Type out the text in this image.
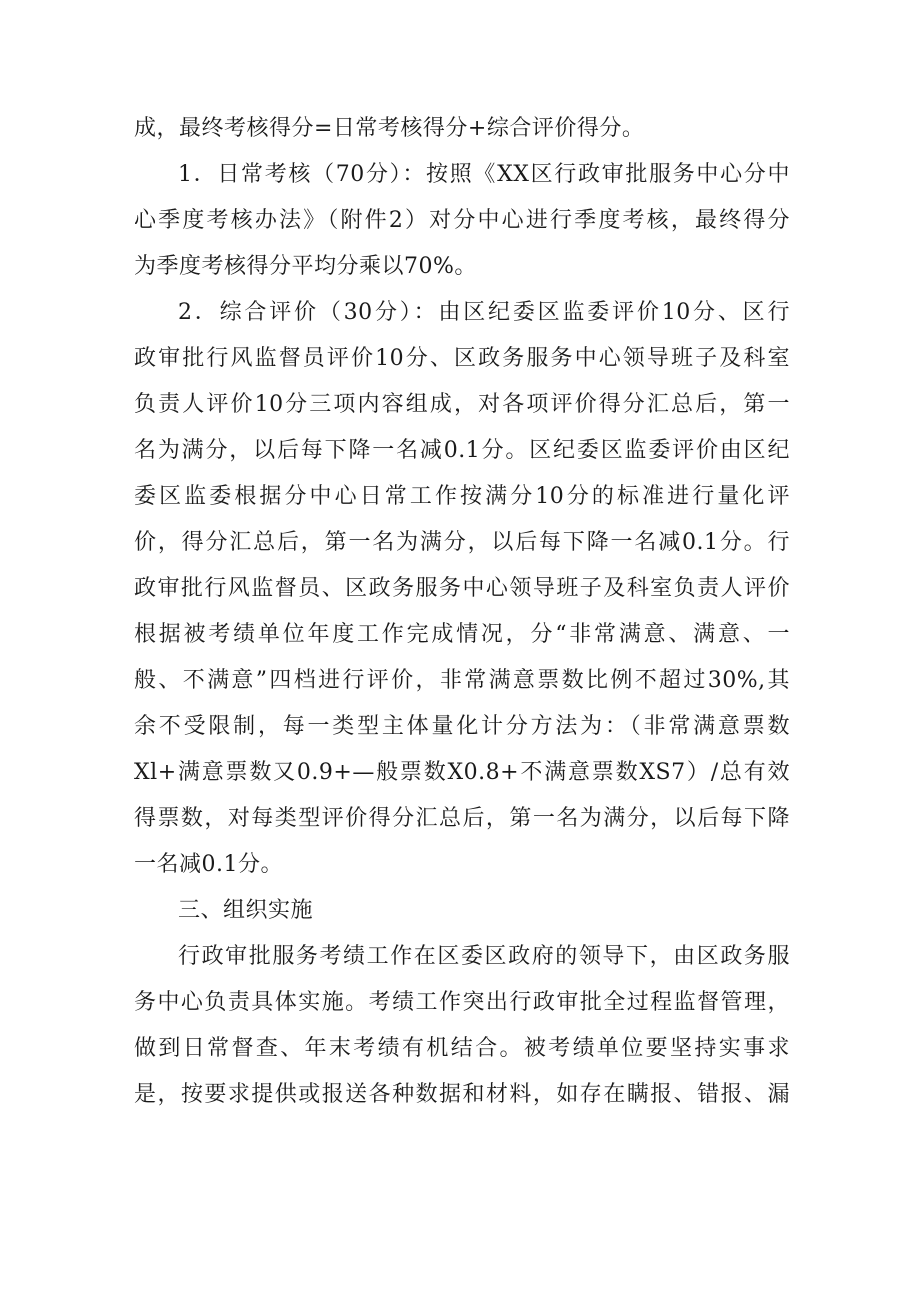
成，最终考核得分=日常考核得分+综合评价得分。
1．日常考核（70分）：按照《XX区行政审批服务中心分中
心季度考核办法》（附件2）对分中心进行季度考核，最终得分
为季度考核得分平均分乘以70%。
2．综合评价（30分）：由区纪委区监委评价10分、区行
政审批行风监督员评价10分、区政务服务中心领导班子及科室
负责人评价10分三项内容组成，对各项评价得分汇总后，第一
名为满分，以后每下降一名减0.1分。区纪委区监委评价由区纪
委区监委根据分中心日常工作按满分10分的标准进行量化评
价，得分汇总后，第一名为满分，以后每下降一名减0.1分。行
政审批行风监督员、区政务服务中心领导班子及科室负责人评价
根据被考绩单位年度工作完成情况，分“非常满意、满意、一
般、不满意”四档进行评价，非常满意票数比例不超过30%,其
余不受限制，每一类型主体量化计分方法为：（非常满意票数
Xl+满意票数又0.9+—般票数X0.8+不满意票数XS7）/总有效
得票数，对每类型评价得分汇总后，第一名为满分，以后每下降
一名减0.1分。
三、组织实施
行政审批服务考绩工作在区委区政府的领导下，由区政务服
务中心负责具体实施。考绩工作突出行政审批全过程监督管理，
做到日常督查、年末考绩有机结合。被考绩单位要坚持实事求
是，按要求提供或报送各种数据和材料，如存在瞒报、错报、漏
